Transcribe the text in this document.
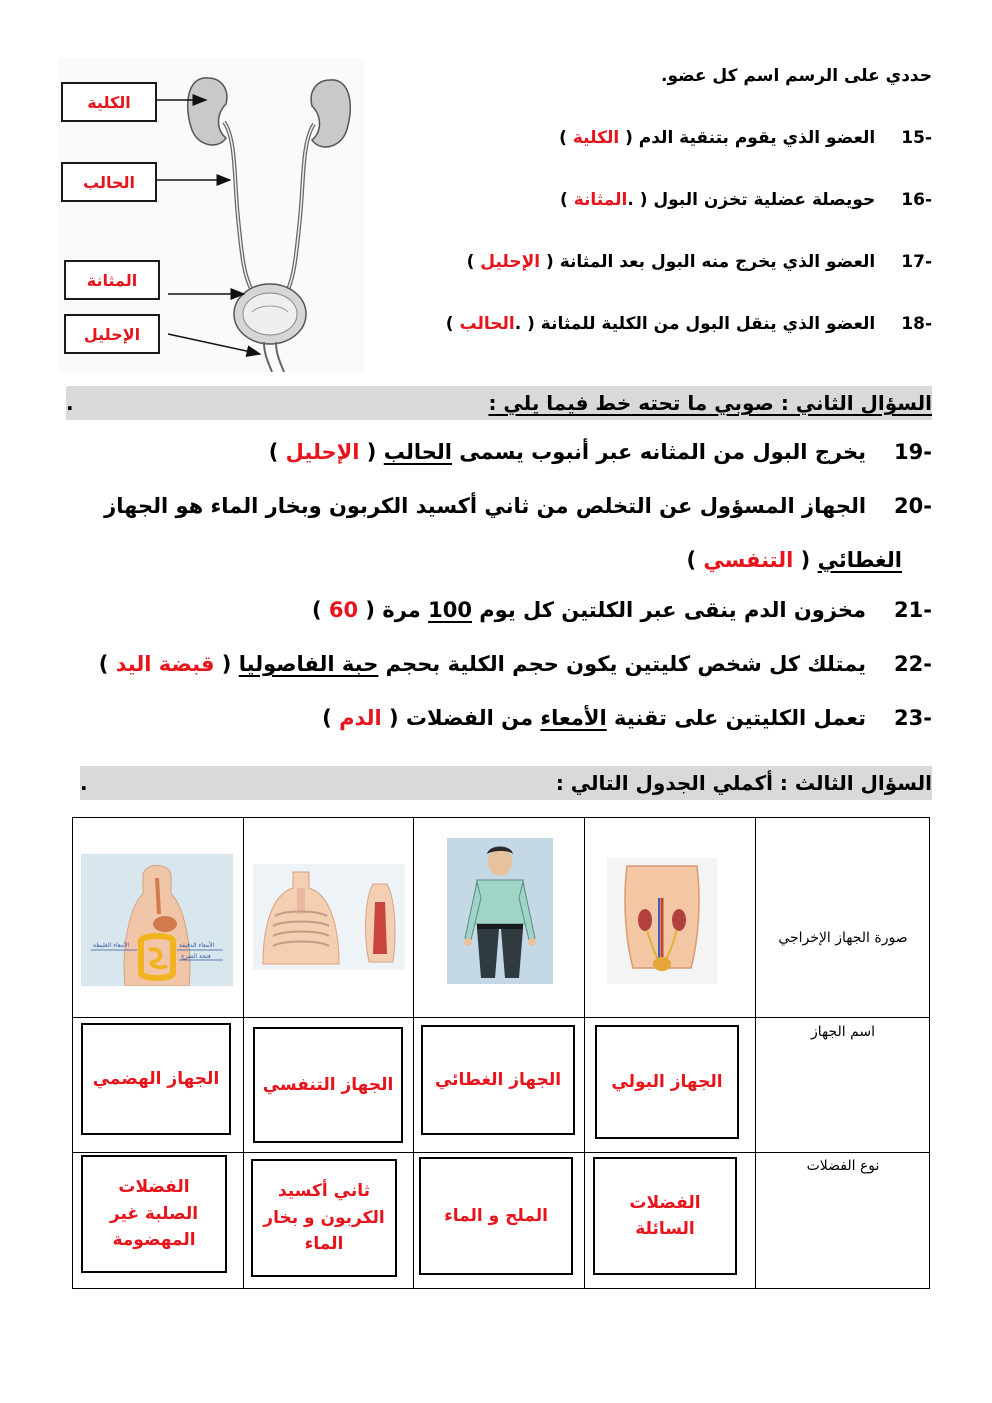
الكلية
الحالب
المثانة
الإحليل
حددي على الرسم اسم كل عضو.
-15العضو الذي يقوم بتنقية الدم ( الكلية )
-16حويصلة عضلية تخزن البول ( .المثانة )
-17العضو الذي يخرج منه البول بعد المثانة ( الإحليل )
-18العضو الذي ينقل البول من الكلية للمثانة ( .الحالب )
السؤال الثاني : صوبي ما تحته خط فيما يلي :
.
-19يخرج البول من المثانه عبر أنبوب يسمى الحالب ( الإحليل )
-20الجهاز المسؤول عن التخلص من ثاني أكسيد الكربون وبخار الماء هو الجهاز
الغطائي ( التنفسي )
-21مخزون الدم ينقى عبر الكلتين كل يوم 100 مرة ( 60 )
-22يمتلك كل شخص كليتين يكون حجم الكلية بحجم حبة الفاصوليا ( قبضة اليد )
-23تعمل الكليتين على تقنية الأمعاء من الفضلات ( الدم )
السؤال الثالث : أكملي الجدول التالي :
.
صورة الجهاز الإخراجي
اسم الجهاز
نوع الفضلات
الأمعاء الغليظة	الأمعاء الدقيقة
فتحة الشرج
الجهاز البولي
الجهاز الغطائي
الجهاز التنفسي
الجهاز الهضمي
الفضلات السائلة
الملح و الماء
ثاني أكسيد الكربون و بخار الماء
الفضلات الصلبة غير المهضومة
